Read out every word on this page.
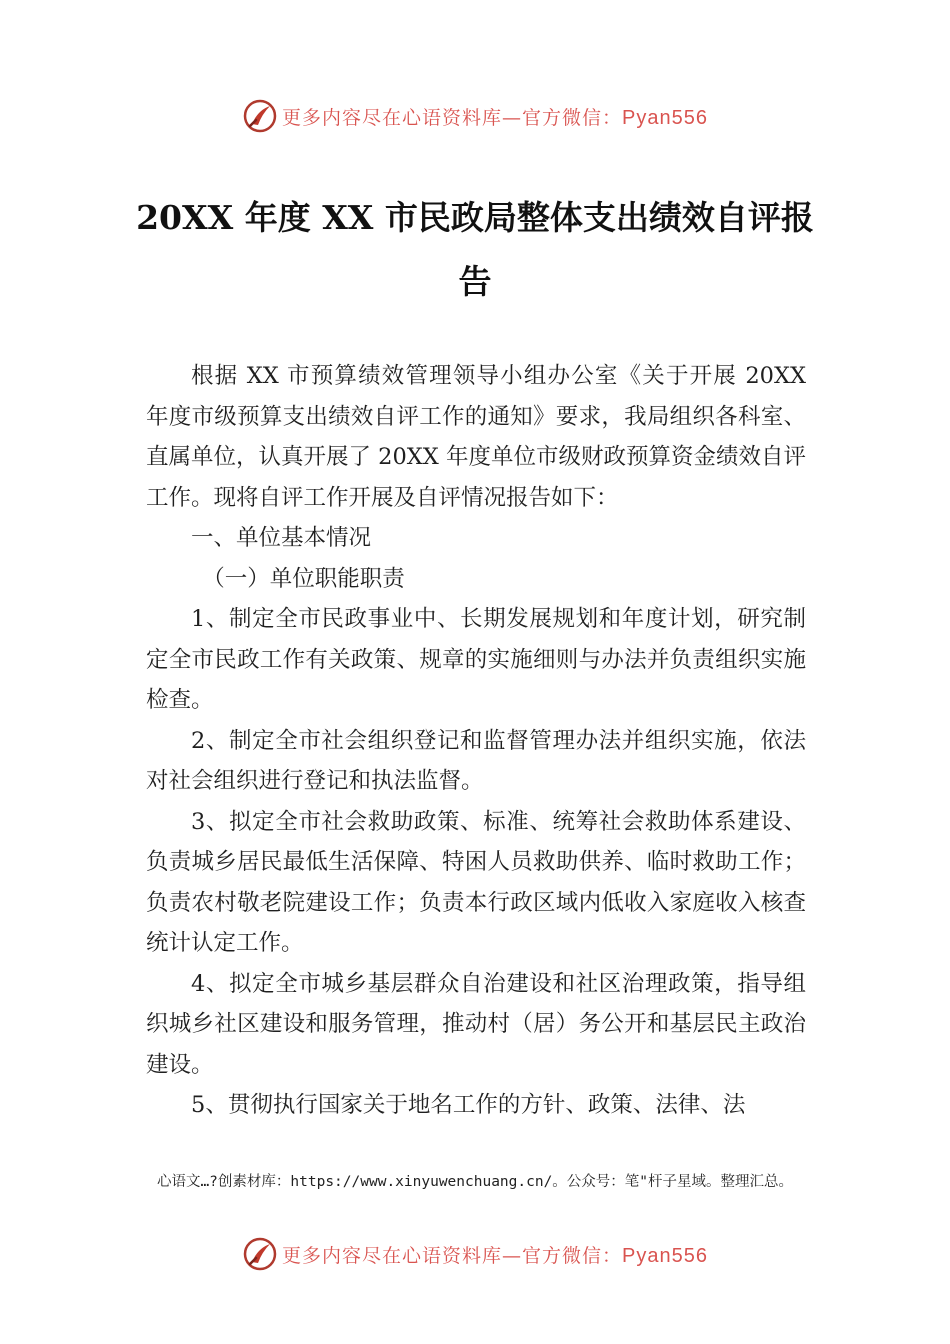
更多内容尽在心语资料库—官方微信：Pyan556
20XX 年度 XX 市民政局整体支出绩效自评报告

根据 XX 市预算绩效管理领导小组办公室《关于开展 20XX 年度市级预算支出绩效自评工作的通知》要求，我局组织各科室、直属单位，认真开展了 20XX 年度单位市级财政预算资金绩效自评工作。现将自评工作开展及自评情况报告如下：

一、单位基本情况

（一）单位职能职责

1、制定全市民政事业中、长期发展规划和年度计划，研究制定全市民政工作有关政策、规章的实施细则与办法并负责组织实施检查。

2、制定全市社会组织登记和监督管理办法并组织实施，依法对社会组织进行登记和执法监督。

3、拟定全市社会救助政策、标准、统筹社会救助体系建设、负责城乡居民最低生活保障、特困人员救助供养、临时救助工作；负责农村敬老院建设工作；负责本行政区域内低收入家庭收入核查统计认定工作。

4、拟定全市城乡基层群众自治建设和社区治理政策，指导组织城乡社区建设和服务管理，推动村（居）务公开和基层民主政治建设。

5、贯彻执行国家关于地名工作的方针、政策、法律、法

心语文…?创素材库：https://www.xinyuwenchuang.cn/。公众号：笔"杆子星域。整理汇总。
更多内容尽在心语资料库—官方微信：Pyan556
